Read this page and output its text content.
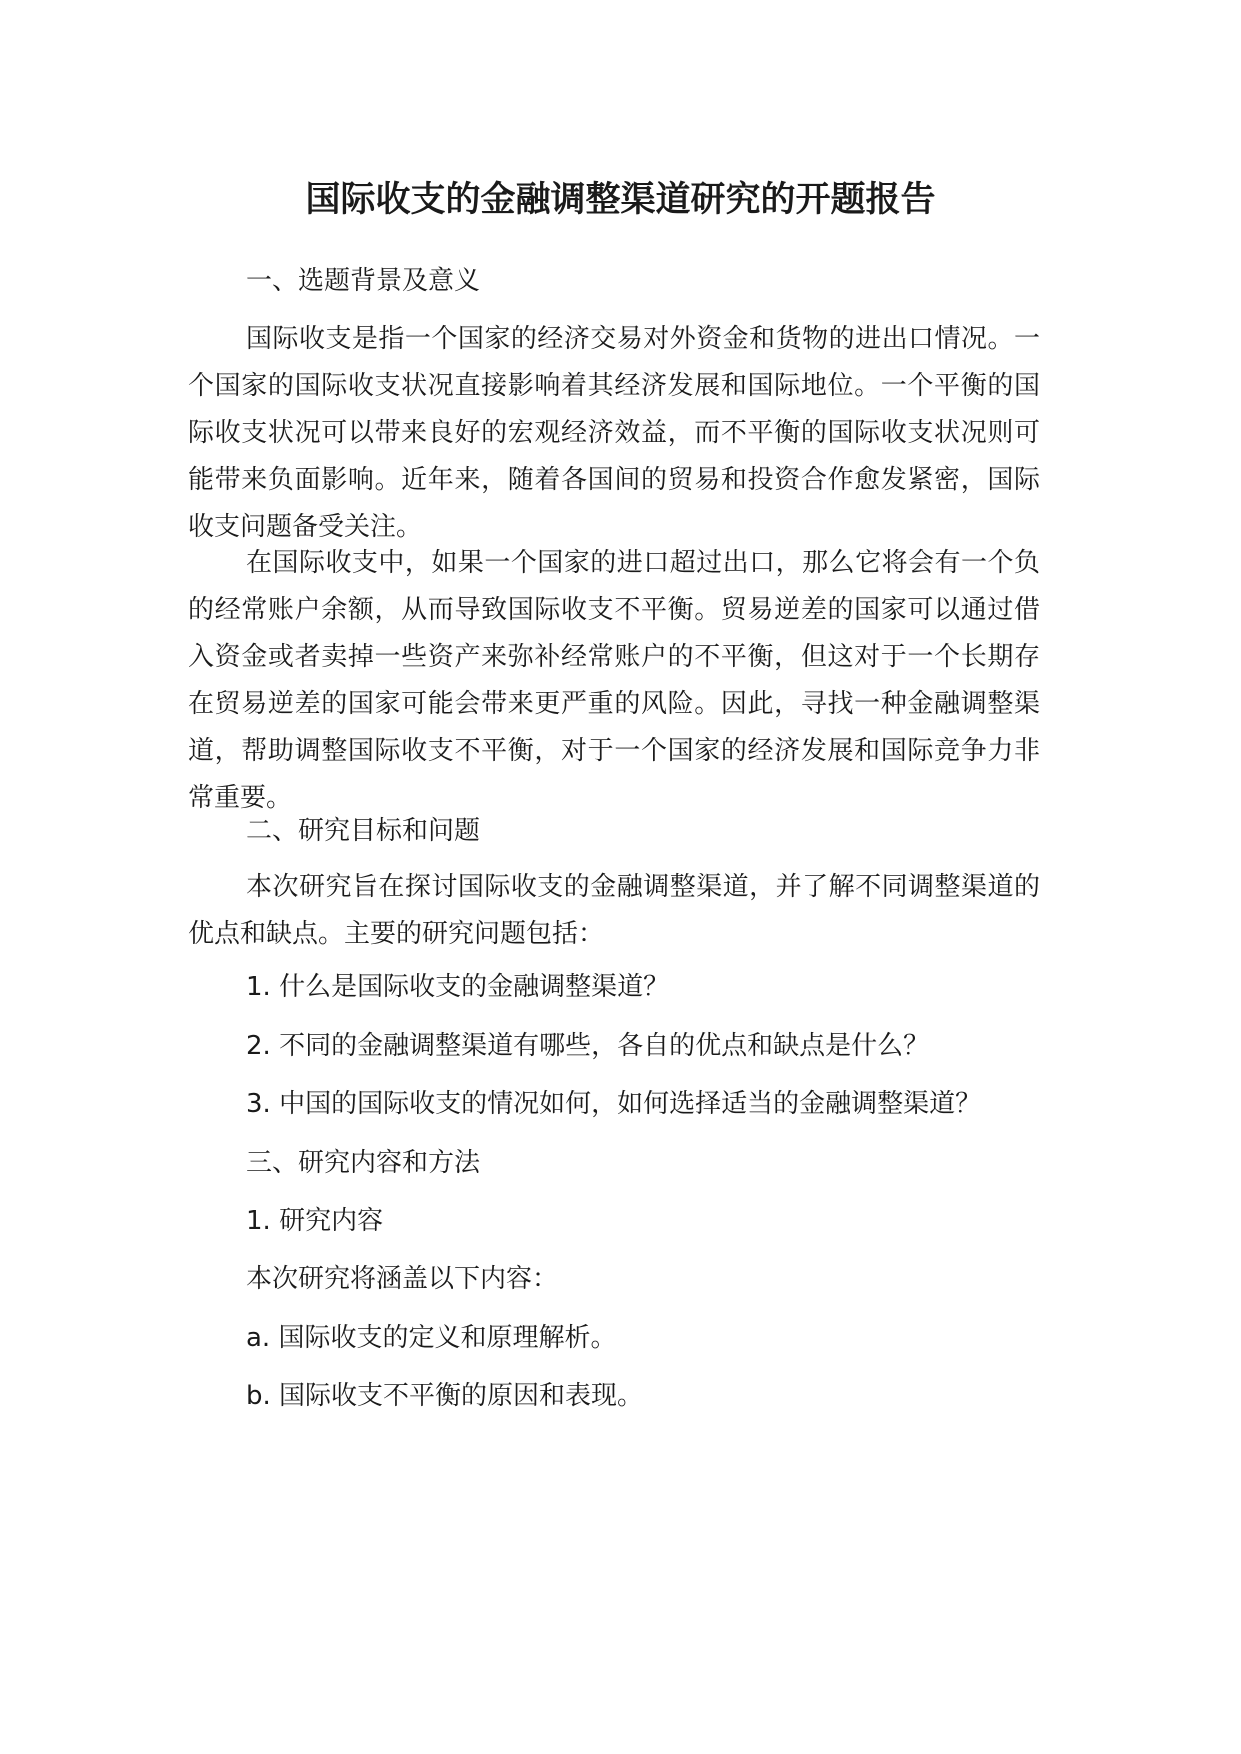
国际收支的金融调整渠道研究的开题报告
一、选题背景及意义
国际收支是指一个国家的经济交易对外资金和货物的进出口情况。一个国家的国际收支状况直接影响着其经济发展和国际地位。一个平衡的国际收支状况可以带来良好的宏观经济效益，而不平衡的国际收支状况则可能带来负面影响。近年来，随着各国间的贸易和投资合作愈发紧密，国际收支问题备受关注。
在国际收支中，如果一个国家的进口超过出口，那么它将会有一个负的经常账户余额，从而导致国际收支不平衡。贸易逆差的国家可以通过借入资金或者卖掉一些资产来弥补经常账户的不平衡，但这对于一个长期存在贸易逆差的国家可能会带来更严重的风险。因此，寻找一种金融调整渠道，帮助调整国际收支不平衡，对于一个国家的经济发展和国际竞争力非常重要。
二、研究目标和问题
本次研究旨在探讨国际收支的金融调整渠道，并了解不同调整渠道的优点和缺点。主要的研究问题包括：
1. 什么是国际收支的金融调整渠道？
2. 不同的金融调整渠道有哪些，各自的优点和缺点是什么？
3. 中国的国际收支的情况如何，如何选择适当的金融调整渠道？
三、研究内容和方法
1. 研究内容
本次研究将涵盖以下内容：
a. 国际收支的定义和原理解析。
b. 国际收支不平衡的原因和表现。
